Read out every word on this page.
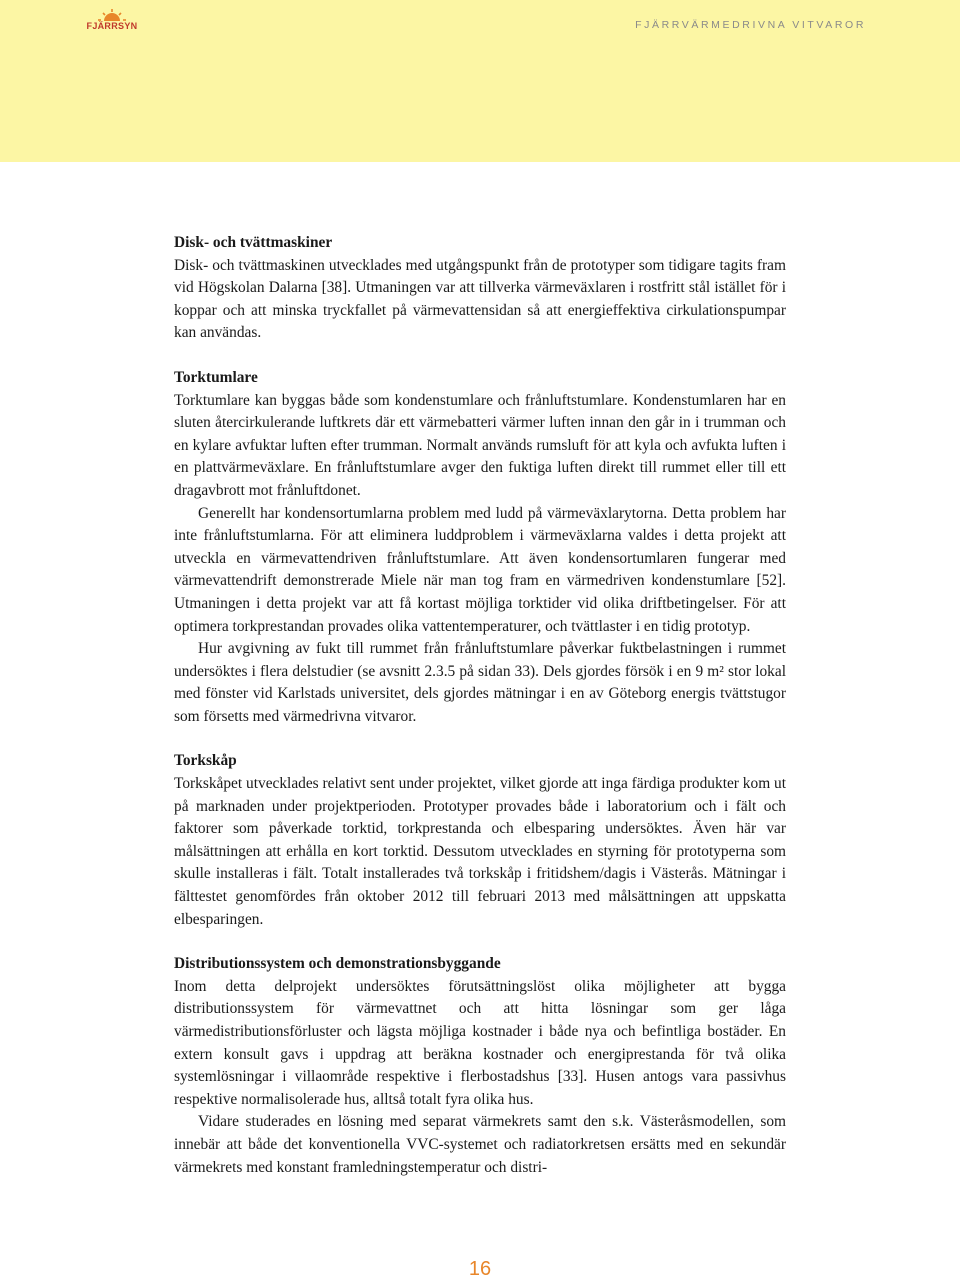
FJÄRRSYN	FJÄRRVÄRMEDRIVNA VITVAROR
Disk- och tvättmaskiner

Disk- och tvättmaskinen utvecklades med utgångspunkt från de prototyper som tidigare tagits fram vid Högskolan Dalarna [38]. Utmaningen var att tillverka värmeväxlaren i rostfritt stål istället för i koppar och att minska tryckfallet på värmevattensidan så att energieffektiva cirkulationspumpar kan användas.

Torktumlare

Torktumlare kan byggas både som kondenstumlare och frånluftstumlare. Kondenstumlaren har en sluten återcirkulerande luftkrets där ett värmebatteri värmer luften innan den går in i trumman och en kylare avfuktar luften efter trumman. Normalt används rumsluft för att kyla och avfukta luften i en plattvärmeväxlare. En frånluftstumlare avger den fuktiga luften direkt till rummet eller till ett dragavbrott mot frånluftdonet.

Generellt har kondensortumlarna problem med ludd på värmeväxlarytorna. Detta problem har inte frånluftstumlarna. För att eliminera luddproblem i värmeväxlarna valdes i detta projekt att utveckla en värmevattendriven frånluftstumlare. Att även kondensortumlaren fungerar med värmevattendrift demonstrerade Miele när man tog fram en värmedriven kondenstumlare [52]. Utmaningen i detta projekt var att få kortast möjliga torktider vid olika driftbetingelser. För att optimera torkprestandan provades olika vattentemperaturer, och tvättlaster i en tidig prototyp.

Hur avgivning av fukt till rummet från frånluftstumlare påverkar fuktbelastningen i rummet undersöktes i flera delstudier (se avsnitt 2.3.5 på sidan 33). Dels gjordes försök i en 9 m² stor lokal med fönster vid Karlstads universitet, dels gjordes mätningar i en av Göteborg energis tvättstugor som försetts med värmedrivna vitvaror.

Torkskåp

Torkskåpet utvecklades relativt sent under projektet, vilket gjorde att inga färdiga produkter kom ut på marknaden under projektperioden. Prototyper provades både i laboratorium och i fält och faktorer som påverkade torktid, torkprestanda och elbesparing undersöktes. Även här var målsättningen att erhålla en kort torktid. Dessutom utvecklades en styrning för prototyperna som skulle installeras i fält. Totalt installerades två torkskåp i fritidshem/dagis i Västerås. Mätningar i fälttestet genomfördes från oktober 2012 till februari 2013 med målsättningen att uppskatta elbesparingen.

Distributionssystem och demonstrationsbyggande

Inom detta delprojekt undersöktes förutsättningslöst olika möjligheter att bygga distributionssystem för värmevattnet och att hitta lösningar som ger låga värmedistributionsförluster och lägsta möjliga kostnader i både nya och befintliga bostäder. En extern konsult gavs i uppdrag att beräkna kostnader och energiprestanda för två olika systemlösningar i villaområde respektive i flerbostadshus [33]. Husen antogs vara passivhus respektive normalisolerade hus, alltså totalt fyra olika hus.

Vidare studerades en lösning med separat värmekrets samt den s.k. Västeråsmodellen, som innebär att både det konventionella VVC-systemet och radiatorkretsen ersätts med en sekundär värmekrets med konstant framledningstemperatur och distri-

16
